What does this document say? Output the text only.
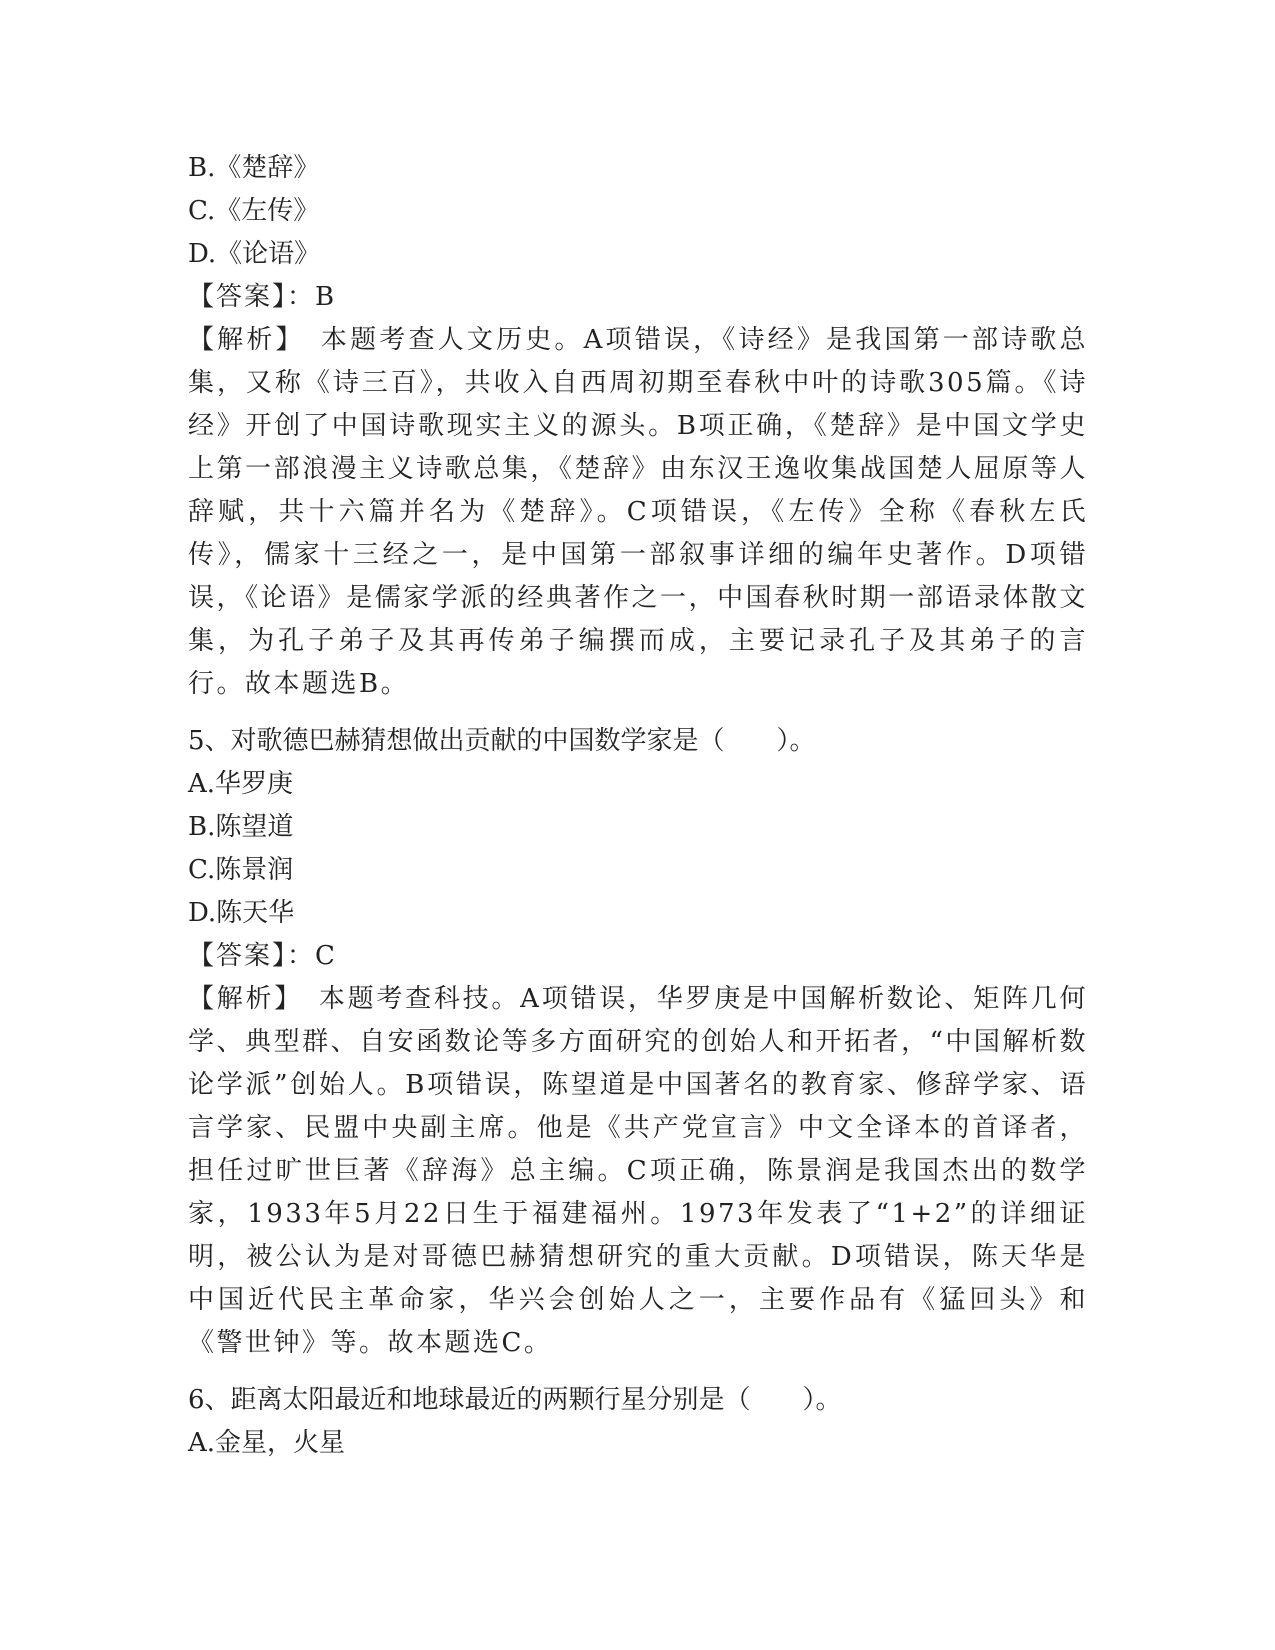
B.《楚辞》

C.《左传》

D.《论语》

【答案】：B

【解析】　本题考查人文历史。A项错误，《诗经》是我国第一部诗歌总集，又称《诗三百》，共收入自西周初期至春秋中叶的诗歌305篇。《诗经》开创了中国诗歌现实主义的源头。B项正确，《楚辞》是中国文学史上第一部浪漫主义诗歌总集，《楚辞》由东汉王逸收集战国楚人屈原等人辞赋，共十六篇并名为《楚辞》。C项错误，《左传》全称《春秋左氏传》，儒家十三经之一，是中国第一部叙事详细的编年史著作。D项错误，《论语》是儒家学派的经典著作之一，中国春秋时期一部语录体散文集，为孔子弟子及其再传弟子编撰而成，主要记录孔子及其弟子的言行。故本题选B。

5、对歌德巴赫猜想做出贡献的中国数学家是（　　）。

A.华罗庚

B.陈望道

C.陈景润

D.陈天华

【答案】：C

【解析】　本题考查科技。A项错误，华罗庚是中国解析数论、矩阵几何学、典型群、自安函数论等多方面研究的创始人和开拓者，“中国解析数论学派”创始人。B项错误，陈望道是中国著名的教育家、修辞学家、语言学家、民盟中央副主席。他是《共产党宣言》中文全译本的首译者，担任过旷世巨著《辞海》总主编。C项正确，陈景润是我国杰出的数学家，1933年5月22日生于福建福州。1973年发表了“1+2”的详细证明，被公认为是对哥德巴赫猜想研究的重大贡献。D项错误，陈天华是中国近代民主革命家，华兴会创始人之一，主要作品有《猛回头》和《警世钟》等。故本题选C。

6、距离太阳最近和地球最近的两颗行星分别是（　　）。

A.金星，火星
